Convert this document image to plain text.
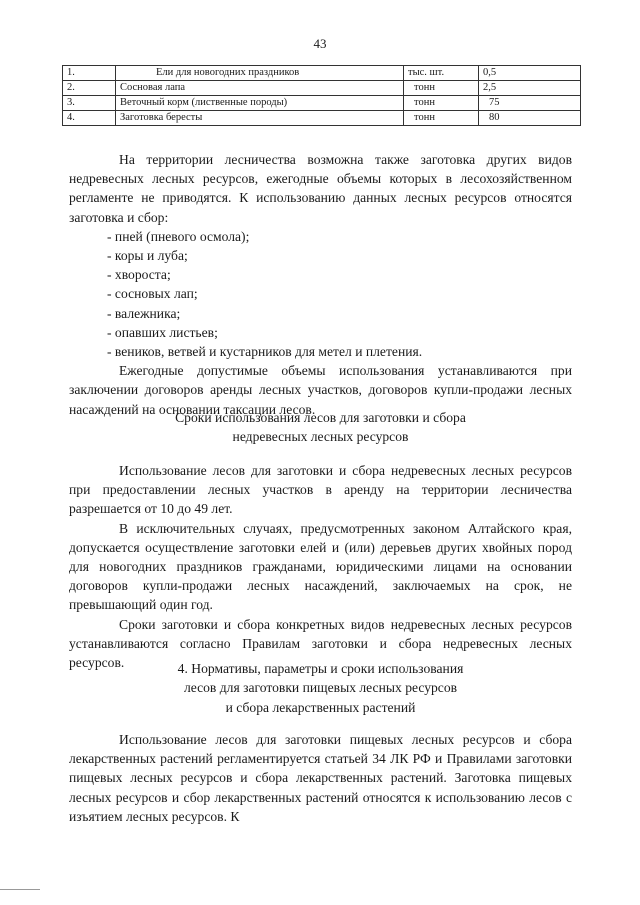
43
1.	Ели для новогодних праздников	тыс. шт.	0,5
2.	Сосновая лапа	тонн	2,5
3.	Веточный корм (лиственные породы)	тонн	75
4.	Заготовка бересты	тонн	80

На территории лесничества возможна также заготовка других видов недревесных лесных ресурсов, ежегодные объемы которых в лесохозяйственном регламенте не приводятся. К использованию данных лесных ресурсов относятся заготовка и сбор:

- пней (пневого осмола);

- коры и луба;

- хвороста;

- сосновых лап;

- валежника;

- опавших листьев;

- веников, ветвей и кустарников для метел и плетения.

Ежегодные допустимые объемы использования устанавливаются при заключении договоров аренды лесных участков, договоров купли-продажи лесных насаждений на основании таксации лесов.

Сроки использования лесов для заготовки и сбора
недревесных лесных ресурсов

Использование лесов для заготовки и сбора недревесных лесных ресурсов при предоставлении лесных участков в аренду на территории лесничества разрешается от 10 до 49 лет.

В исключительных случаях, предусмотренных законом Алтайского края, допускается осуществление заготовки елей и (или) деревьев других хвойных пород для новогодних праздников гражданами, юридическими лицами на основании договоров купли-продажи лесных насаждений, заключаемых на срок, не превышающий один год.

Сроки заготовки и сбора конкретных видов недревесных лесных ресурсов устанавливаются согласно Правилам заготовки и сбора недревесных лесных ресурсов.	4. Нормативы, параметры и сроки использования
лесов для заготовки пищевых лесных ресурсов
и сбора лекарственных растений

Использование лесов для заготовки пищевых лесных ресурсов и сбора лекарственных растений регламентируется статьей 34 ЛК РФ и Правилами заготовки пищевых лесных ресурсов и сбора лекарственных растений. Заготовка пищевых лесных ресурсов и сбор лекарственных растений относятся к использованию лесов с изъятием лесных ресурсов. К
